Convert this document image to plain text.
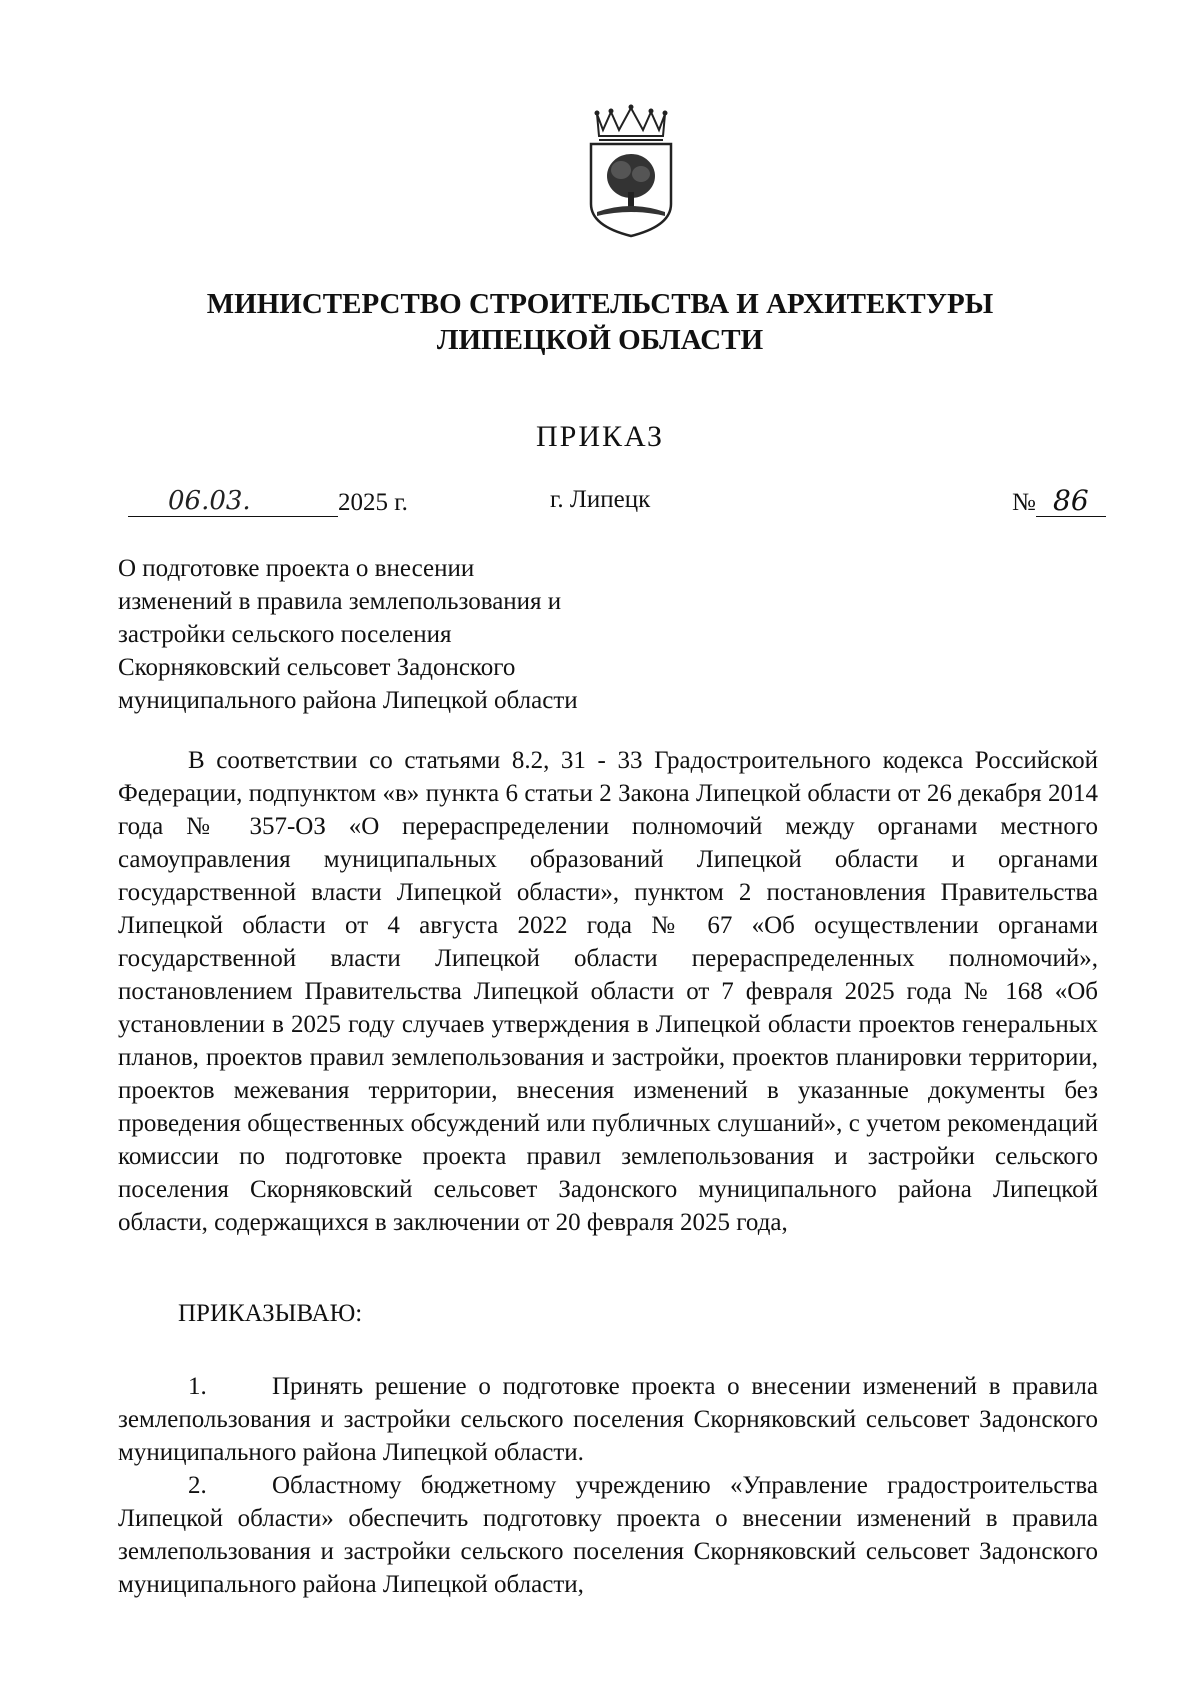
МИНИСТЕРСТВО СТРОИТЕЛЬСТВА И АРХИТЕКТУРЫ
ЛИПЕЦКОЙ ОБЛАСТИ
ПРИКАЗ
06.03.	2025 г.	г. Липецк	№ 86
О подготовке проекта о внесении
изменений в правила землепользования и
застройки сельского поселения
Скорняковский сельсовет Задонского
муниципального района Липецкой области

В соответствии со статьями 8.2, 31 - 33 Градостроительного кодекса Российской Федерации, подпунктом «в» пункта 6 статьи 2 Закона Липецкой области от 26 декабря 2014 года № 357-ОЗ «О перераспределении полномочий между органами местного самоуправления муниципальных образований Липецкой области и органами государственной власти Липецкой области», пунктом 2 постановления Правительства Липецкой области от 4 августа 2022 года № 67 «Об осуществлении органами государственной власти Липецкой области перераспределенных полномочий», постановлением Правительства Липецкой области от 7 февраля 2025 года № 168 «Об установлении в 2025 году случаев утверждения в Липецкой области проектов генеральных планов, проектов правил землепользования и застройки, проектов планировки территории, проектов межевания территории, внесения изменений в указанные документы без проведения общественных обсуждений или публичных слушаний», с учетом рекомендаций комиссии по подготовке проекта правил землепользования и застройки сельского поселения Скорняковский сельсовет Задонского муниципального района Липецкой области, содержащихся в заключении от 20 февраля 2025 года,

ПРИКАЗЫВАЮ:

1.	Принять решение о подготовке проекта о внесении изменений в правила землепользования и застройки сельского поселения Скорняковский сельсовет Задонского муниципального района Липецкой области.

2.	Областному бюджетному учреждению «Управление градостроительства Липецкой области» обеспечить подготовку проекта о внесении изменений в правила землепользования и застройки сельского поселения Скорняковский сельсовет Задонского муниципального района Липецкой области,
